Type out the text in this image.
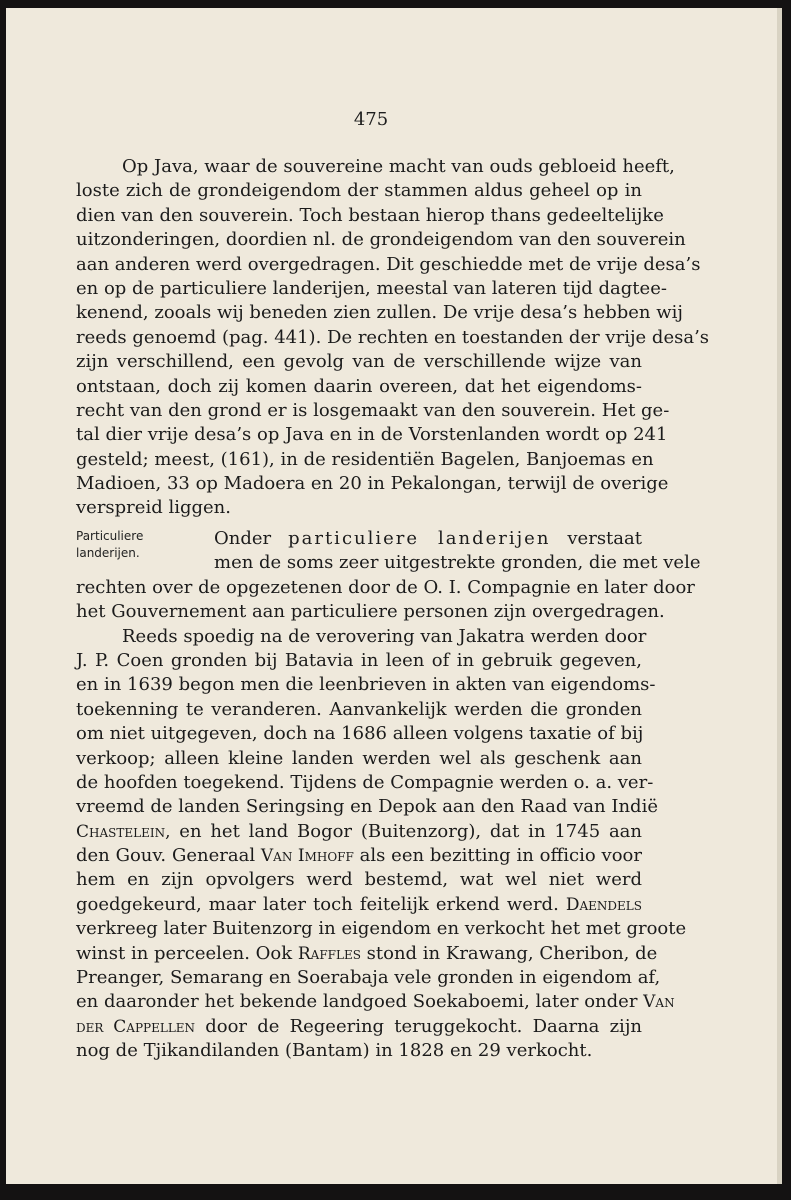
475
Particuliere
landerijen.
Op Java, waar de souvereine macht van ouds gebloeid heeft,
loste zich de grondeigendom der stammen aldus geheel op in
dien van den souverein. Toch bestaan hierop thans gedeeltelijke
uitzonderingen, doordien nl. de grondeigendom van den souverein
aan anderen werd overgedragen. Dit geschiedde met de vrije desa’s
en op de particuliere landerijen, meestal van lateren tijd dagtee-
kenend, zooals wij beneden zien zullen. De vrije desa’s hebben wij
reeds genoemd (pag. 441). De rechten en toestanden der vrije desa’s
zijn verschillend, een gevolg van de verschillende wijze van
ontstaan, doch zij komen daarin overeen, dat het eigendoms-
recht van den grond er is losgemaakt van den souverein. Het ge-
tal dier vrije desa’s op Java en in de Vorstenlanden wordt op 241
gesteld; meest, (161), in de residentiën Bagelen, Banjoemas en
Madioen, 33 op Madoera en 20 in Pekalongan, terwijl de overige
verspreid liggen.
Onder particuliere landerijen verstaat
men de soms zeer uitgestrekte gronden, die met vele
rechten over de opgezetenen door de O. I. Compagnie en later door
het Gouvernement aan particuliere personen zijn overgedragen.
Reeds spoedig na de verovering van Jakatra werden door
J. P. Coen gronden bij Batavia in leen of in gebruik gegeven,
en in 1639 begon men die leenbrieven in akten van eigendoms-
toekenning te veranderen. Aanvankelijk werden die gronden
om niet uitgegeven, doch na 1686 alleen volgens taxatie of bij
verkoop; alleen kleine landen werden wel als geschenk aan
de hoofden toegekend. Tijdens de Compagnie werden o. a. ver-
vreemd de landen Seringsing en Depok aan den Raad van Indië
Chastelein, en het land Bogor (Buitenzorg), dat in 1745 aan
den Gouv. Generaal Van Imhoff als een bezitting in officio voor
hem en zijn opvolgers werd bestemd, wat wel niet werd
goedgekeurd, maar later toch feitelijk erkend werd. Daendels
verkreeg later Buitenzorg in eigendom en verkocht het met groote
winst in perceelen. Ook Raffles stond in Krawang, Cheribon, de
Preanger, Semarang en Soerabaja vele gronden in eigendom af,
en daaronder het bekende landgoed Soekaboemi, later onder Van
der Cappellen door de Regeering teruggekocht. Daarna zijn
nog de Tjikandilanden (Bantam) in 1828 en 29 verkocht.
